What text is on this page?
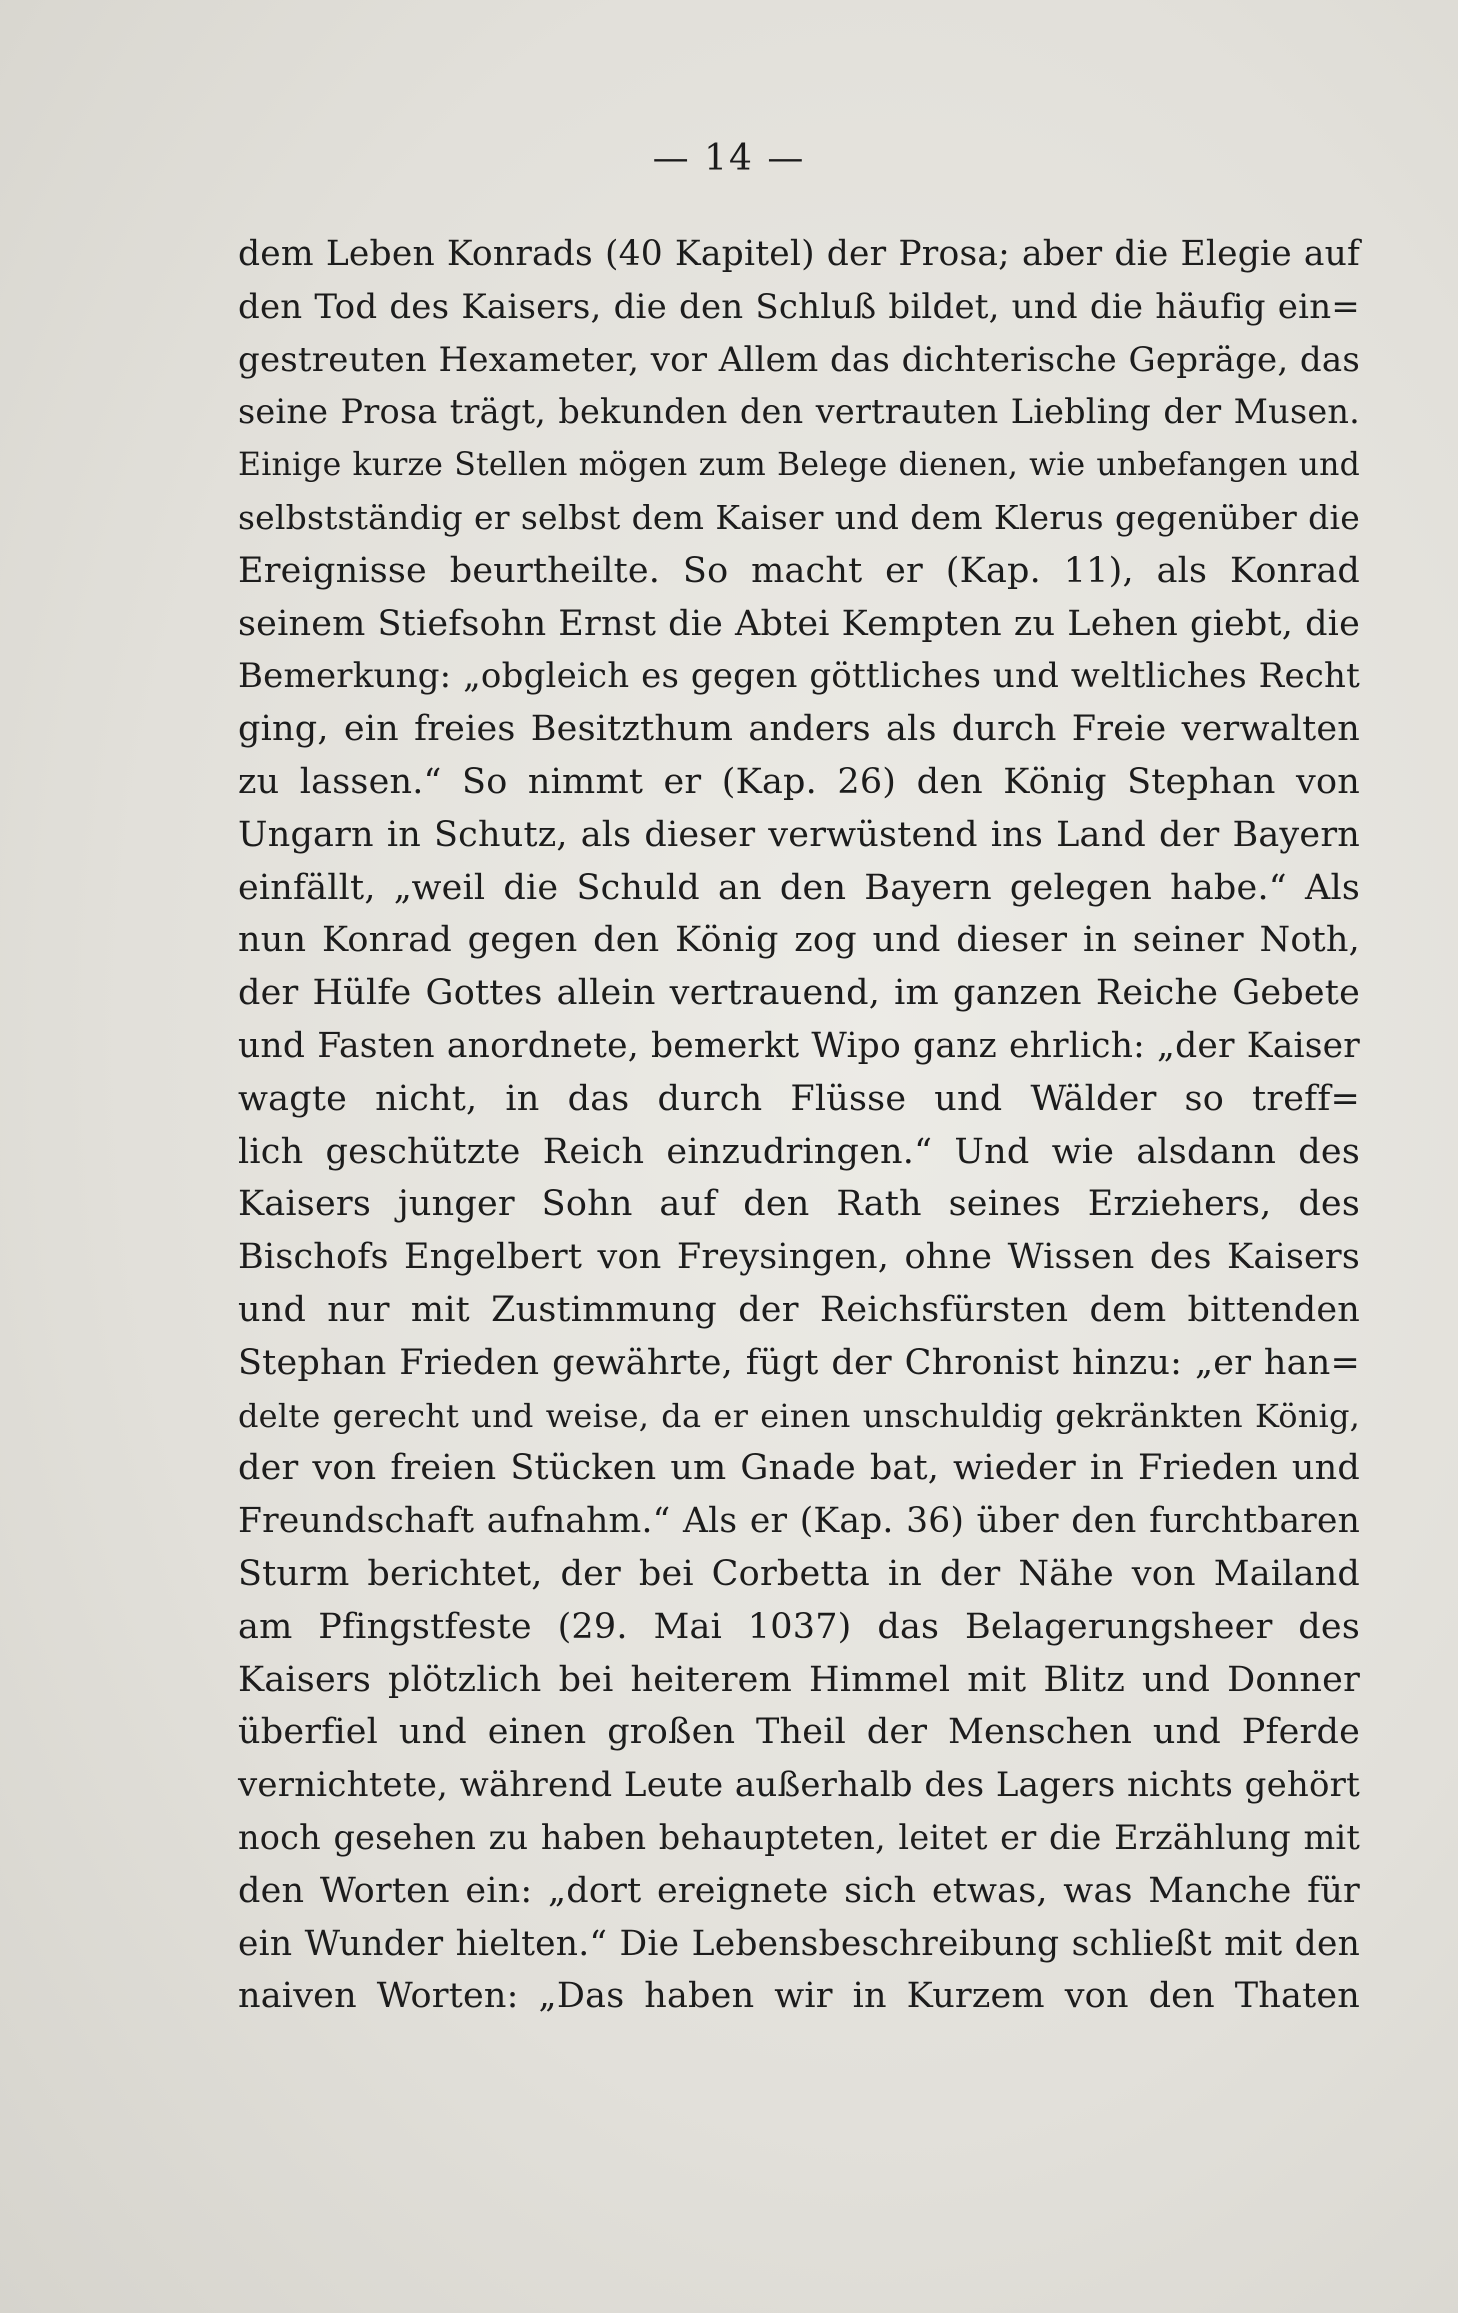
— 14 —
dem Leben Konrads (40 Kapitel) der Prosa; aber die Elegie auf
den Tod des Kaisers, die den Schluß bildet, und die häufig ein=
gestreuten Hexameter, vor Allem das dichterische Gepräge, das
seine Prosa trägt, bekunden den vertrauten Liebling der Musen.
Einige kurze Stellen mögen zum Belege dienen, wie unbefangen und
selbstständig er selbst dem Kaiser und dem Klerus gegenüber die
Ereignisse beurtheilte. So macht er (Kap. 11), als Konrad
seinem Stiefsohn Ernst die Abtei Kempten zu Lehen giebt, die
Bemerkung: „obgleich es gegen göttliches und weltliches Recht
ging, ein freies Besitzthum anders als durch Freie verwalten
zu lassen.“ So nimmt er (Kap. 26) den König Stephan von
Ungarn in Schutz, als dieser verwüstend ins Land der Bayern
einfällt, „weil die Schuld an den Bayern gelegen habe.“ Als
nun Konrad gegen den König zog und dieser in seiner Noth,
der Hülfe Gottes allein vertrauend, im ganzen Reiche Gebete
und Fasten anordnete, bemerkt Wipo ganz ehrlich: „der Kaiser
wagte nicht, in das durch Flüsse und Wälder so treff=
lich geschützte Reich einzudringen.“ Und wie alsdann des
Kaisers junger Sohn auf den Rath seines Erziehers, des
Bischofs Engelbert von Freysingen, ohne Wissen des Kaisers
und nur mit Zustimmung der Reichsfürsten dem bittenden
Stephan Frieden gewährte, fügt der Chronist hinzu: „er han=
delte gerecht und weise, da er einen unschuldig gekränkten König,
der von freien Stücken um Gnade bat, wieder in Frieden und
Freundschaft aufnahm.“ Als er (Kap. 36) über den furchtbaren
Sturm berichtet, der bei Corbetta in der Nähe von Mailand
am Pfingstfeste (29. Mai 1037) das Belagerungsheer des
Kaisers plötzlich bei heiterem Himmel mit Blitz und Donner
überfiel und einen großen Theil der Menschen und Pferde
vernichtete, während Leute außerhalb des Lagers nichts gehört
noch gesehen zu haben behaupteten, leitet er die Erzählung mit
den Worten ein: „dort ereignete sich etwas, was Manche für
ein Wunder hielten.“ Die Lebensbeschreibung schließt mit den
naiven Worten: „Das haben wir in Kurzem von den Thaten
